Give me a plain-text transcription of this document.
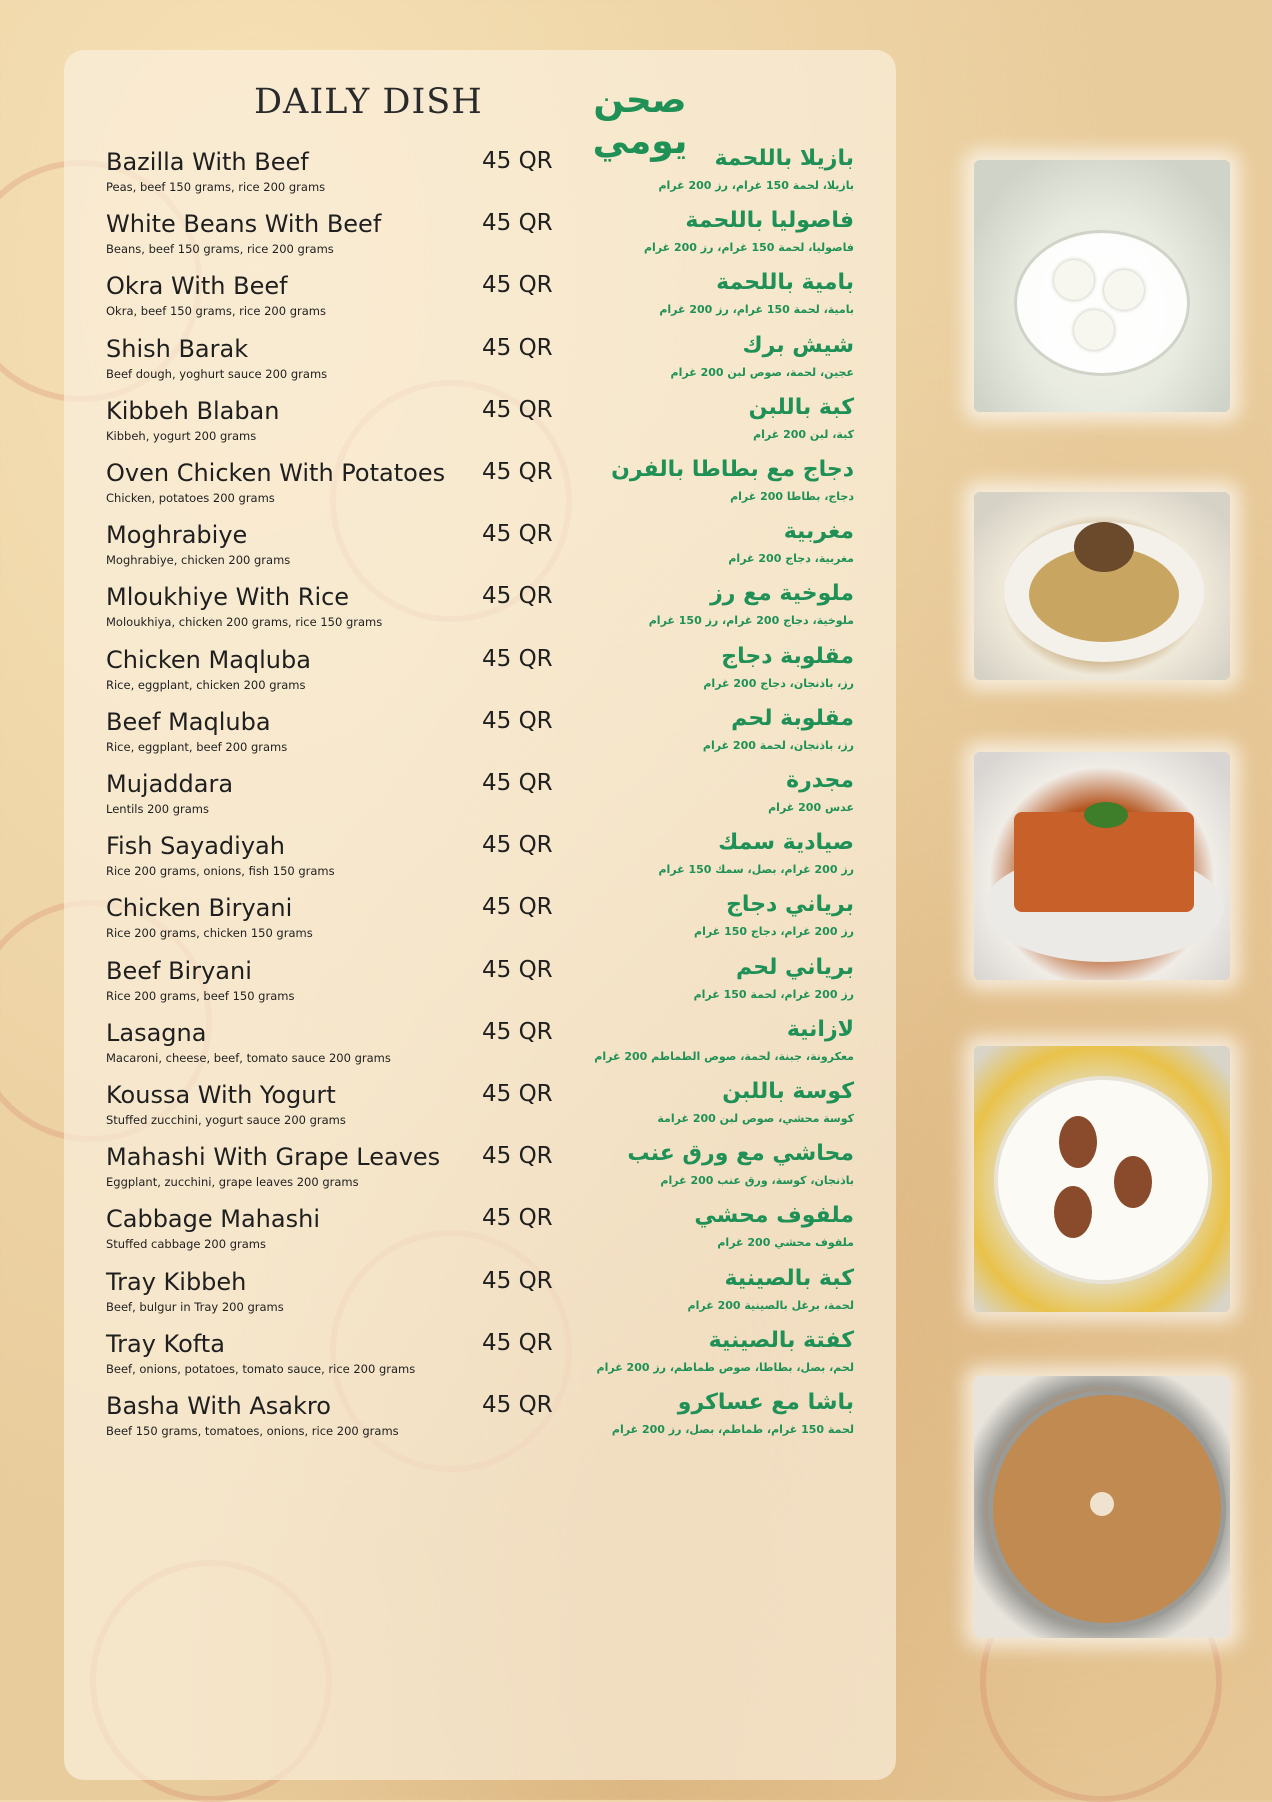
DAILY DISH	صحن يومي
Bazilla With Beef
Peas, beef 150 grams, rice 200 grams
45 QR	بازيلا باللحمة
بازيلا، لحمة 150 غرام، رز 200 غرام
White Beans With Beef
Beans, beef 150 grams, rice 200 grams
45 QR	فاصوليا باللحمة
فاصوليا، لحمة 150 غرام، رز 200 غرام
Okra With Beef
Okra, beef 150 grams, rice 200 grams
45 QR	بامية باللحمة
بامية، لحمة 150 غرام، رز 200 غرام
Shish Barak
Beef dough, yoghurt sauce 200 grams
45 QR	شيش برك
عجين، لحمة، صوص لبن 200 غرام
Kibbeh Blaban
Kibbeh, yogurt 200 grams
45 QR	كبة باللبن
كبة، لبن 200 غرام
Oven Chicken With Potatoes
Chicken, potatoes 200 grams
45 QR	دجاج مع بطاطا بالفرن
دجاج، بطاطا 200 غرام
Moghrabiye
Moghrabiye, chicken 200 grams
45 QR	مغربية
مغربية، دجاج 200 غرام
Mloukhiye With Rice
Moloukhiya, chicken 200 grams, rice 150 grams
45 QR	ملوخية مع رز
ملوخية، دجاج 200 غرام، رز 150 غرام
Chicken Maqluba
Rice, eggplant, chicken 200 grams
45 QR	مقلوبة دجاج
رز، باذنجان، دجاج 200 غرام
Beef Maqluba
Rice, eggplant, beef 200 grams
45 QR	مقلوبة لحم
رز، باذنجان، لحمة 200 غرام
Mujaddara
Lentils 200 grams
45 QR	مجدرة
عدس 200 غرام
Fish Sayadiyah
Rice 200 grams, onions, fish 150 grams
45 QR	صيادية سمك
رز 200 غرام، بصل، سمك 150 غرام
Chicken Biryani
Rice 200 grams, chicken 150 grams
45 QR	برياني دجاج
رز 200 غرام، دجاج 150 غرام
Beef Biryani
Rice 200 grams, beef 150 grams
45 QR	برياني لحم
رز 200 غرام، لحمة 150 غرام
Lasagna
Macaroni, cheese, beef, tomato sauce 200 grams
45 QR	لازانية
معكرونة، جبنة، لحمة، صوص الطماطم 200 غرام
Koussa With Yogurt
Stuffed zucchini, yogurt sauce 200 grams
45 QR	كوسة باللبن
كوسة محشي، صوص لبن 200 غرامة
Mahashi With Grape Leaves
Eggplant, zucchini, grape leaves 200 grams
45 QR	محاشي مع ورق عنب
باذنجان، كوسة، ورق عنب 200 غرام
Cabbage Mahashi
Stuffed cabbage 200 grams
45 QR	ملفوف محشي
ملفوف محشي 200 غرام
Tray Kibbeh
Beef, bulgur in Tray 200 grams
45 QR	كبة بالصينية
لحمة، برغل بالصينية 200 غرام
Tray Kofta
Beef, onions, potatoes, tomato sauce, rice 200 grams
45 QR	كفتة بالصينية
لحم، بصل، بطاطا، صوص طماطم، رز 200 غرام
Basha With Asakro
Beef 150 grams, tomatoes, onions, rice 200 grams
45 QR	باشا مع عساكرو
لحمة 150 غرام، طماطم، بصل، رز 200 غرام
